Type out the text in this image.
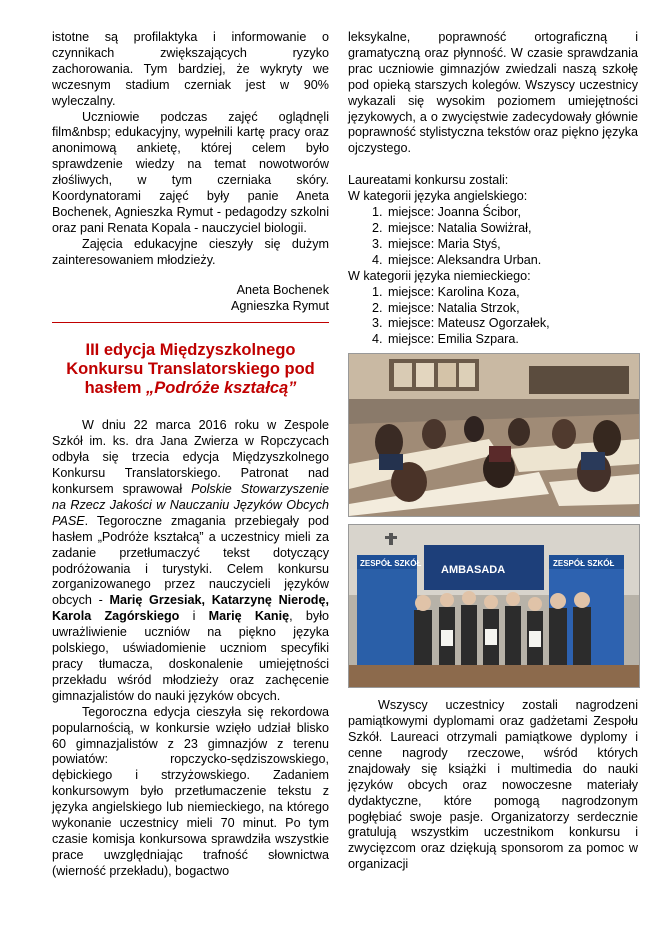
istotne są profilaktyka i informowanie o czynnikach zwiększających ryzyko zachorowania. Tym bardziej, że wykryty we wczesnym stadium czerniak jest w 90% wyleczalny.

Uczniowie podczas zajęć oglądnęli film&nbsp; edukacyjny, wypełnili kartę pracy oraz anonimową ankietę, której celem było sprawdzenie wiedzy na temat nowotworów złośliwych, w tym czerniaka skóry. Koordynatorami zajęć były panie Aneta Bochenek, Agnieszka Rymut - pedagodzy szkolni oraz pani Renata Kopala - nauczyciel biologii.

Zajęcia edukacyjne cieszyły się dużym zainteresowaniem młodzieży.

Aneta Bochenek

Agnieszka Rymut

III edycja Międzyszkolnego
Konkursu Translatorskiego pod
hasłem „Podróże kształcą”

W dniu 22 marca 2016 roku w Zespole Szkół im. ks. dra Jana Zwierza w Ropczycach odbyła się trzecia edycja Międzyszkolnego Konkursu Translatorskiego. Patronat nad konkursem sprawował Polskie Stowarzyszenie na Rzecz Jakości w Nauczaniu Języków Obcych PASE. Tegoroczne zmagania przebiegały pod hasłem „Podróże kształcą” a uczestnicy mieli za zadanie przetłumaczyć tekst dotyczący podróżowania i turystyki. Celem konkursu zorganizowanego przez nauczycieli języków obcych - Marię Grzesiak, Katarzynę Nierodę, Karola Zagórskiego i Marię Kanię, było uwrażliwienie uczniów na piękno języka polskiego, uświadomienie uczniom specyfiki pracy tłumacza, doskonalenie umiejętności przekładu wśród młodzieży oraz zachęcenie gimnazjalistów do nauki języków obcych.

Tegoroczna edycja cieszyła się rekordowa popularnością, w konkursie wzięło udział blisko 60 gimnazjalistów z 23 gimnazjów z terenu powiatów: ropczycko-sędziszowskiego, dębickiego i strzyżowskiego. Zadaniem konkursowym było przetłumaczenie tekstu z języka angielskiego lub niemieckiego, na którego wykonanie uczestnicy mieli 70 minut. Po tym czasie komisja konkursowa sprawdziła wszystkie prace uwzględniając trafność słownictwa (wierność przekładu), bogactwo

leksykalne, poprawność ortograficzną i gramatyczną oraz płynność. W czasie sprawdzania prac uczniowie gimnazjów zwiedzali naszą szkołę pod opieką starszych kolegów. Wszyscy uczestnicy wykazali się wysokim poziomem umiejętności językowych, a o zwycięstwie zadecydowały głównie poprawność stylistyczna tekstów oraz piękno języka ojczystego.

Laureatami konkursu zostali:

W kategorii języka angielskiego:

1. miejsce: Joanna Ścibor,
2. miejsce: Natalia Sowiżrał,
3. miejsce: Maria Styś,
4. miejsce: Aleksandra Urban.

W kategorii języka niemieckiego:

1. miejsce: Karolina Koza,
2. miejsce: Natalia Strzok,
3. miejsce: Mateusz Ogorzałek,
4. miejsce: Emilia Szpara.
ZESPÓŁ SZKÓŁ
AMBASADA
ZESPÓŁ SZKÓŁ

Wszyscy uczestnicy zostali nagrodzeni pamiątkowymi dyplomami oraz gadżetami Zespołu Szkół. Laureaci otrzymali pamiątkowe dyplomy i cenne nagrody rzeczowe, wśród których znajdowały się książki i multimedia do nauki języków obcych oraz nowoczesne materiały dydaktyczne, które pomogą nagrodzonym pogłębiać swoje pasje. Organizatorzy serdecznie gratulują wszystkim uczestnikom konkursu i zwycięzcom oraz dziękują sponsorom za pomoc w organizacji
